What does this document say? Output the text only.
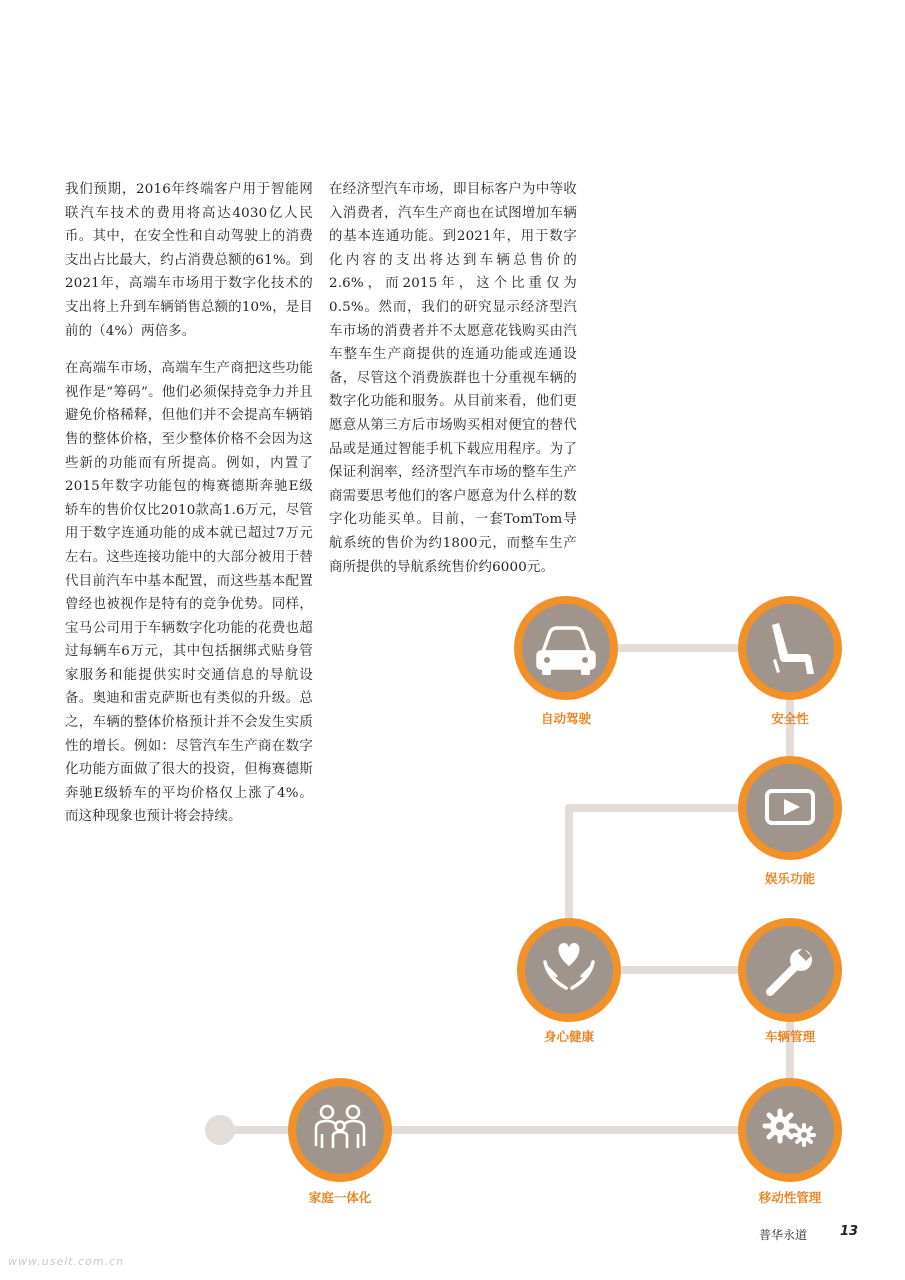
我们预期，2016年终端客户用于智能网联汽车技术的费用将高达4030亿人民币。其中，在安全性和自动驾驶上的消费支出占比最大，约占消费总额的61%。到2021年，高端车市场用于数字化技术的支出将上升到车辆销售总额的10%，是目前的（4%）两倍多。

在高端车市场，高端车生产商把这些功能视作是“筹码”。他们必须保持竞争力并且避免价格稀释，但他们并不会提高车辆销售的整体价格，至少整体价格不会因为这些新的功能而有所提高。例如，内置了2015年数字功能包的梅赛德斯奔驰E级轿车的售价仅比2010款高1.6万元，尽管用于数字连通功能的成本就已超过7万元左右。这些连接功能中的大部分被用于替代目前汽车中基本配置，而这些基本配置曾经也被视作是特有的竞争优势。同样，宝马公司用于车辆数字化功能的花费也超过每辆车6万元，其中包括捆绑式贴身管家服务和能提供实时交通信息的导航设备。奥迪和雷克萨斯也有类似的升级。总之，车辆的整体价格预计并不会发生实质性的增长。例如：尽管汽车生产商在数字化功能方面做了很大的投资，但梅赛德斯奔驰E级轿车的平均价格仅上涨了4%。而这种现象也预计将会持续。

在经济型汽车市场，即目标客户为中等收入消费者，汽车生产商也在试图增加车辆的基本连通功能。到2021年，用于数字化内容的支出将达到车辆总售价的2.6%，而2015年，这个比重仅为0.5%。然而，我们的研究显示经济型汽车市场的消费者并不太愿意花钱购买由汽车整车生产商提供的连通功能或连通设备，尽管这个消费族群也十分重视车辆的数字化功能和服务。从目前来看，他们更愿意从第三方后市场购买相对便宜的替代品或是通过智能手机下载应用程序。为了保证利润率，经济型汽车市场的整车生产商需要思考他们的客户愿意为什么样的数字化功能买单。目前，一套TomTom导航系统的售价为约1800元，而整车生产商所提供的导航系统售价约6000元。

自动驾驶	安全性
娱乐功能
身心健康	车辆管理
家庭一体化	移动性管理
普华永道	13
www.useit.com.cn
